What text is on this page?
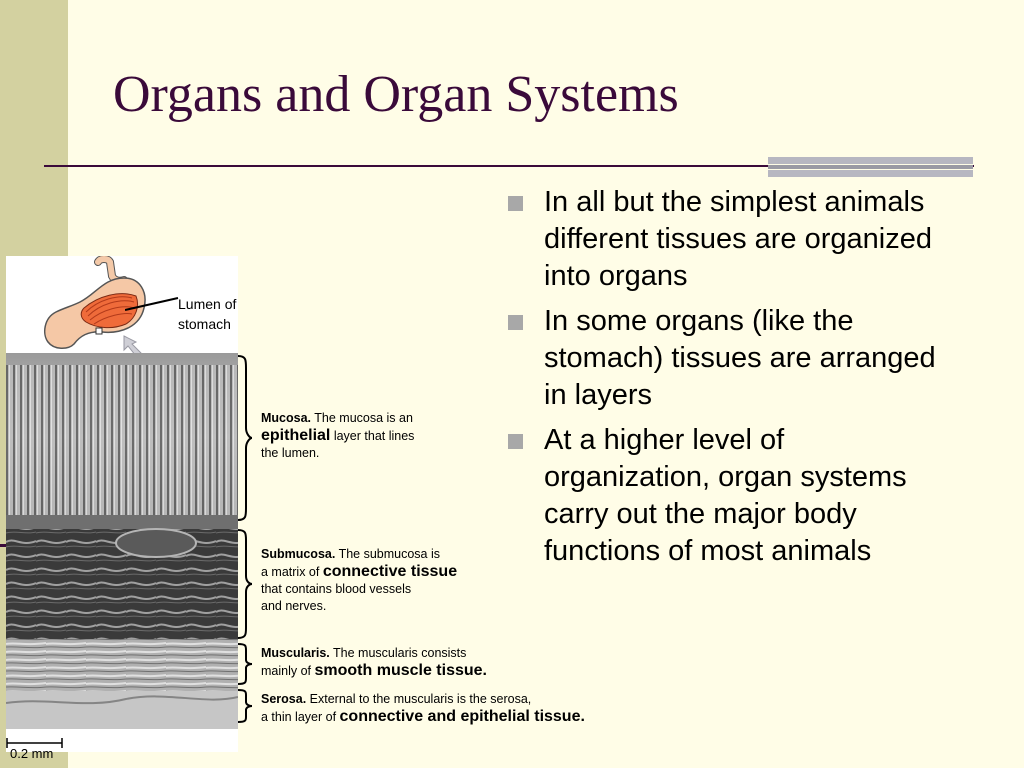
Organs and Organ Systems
In all but the simplest animals different tissues are organized into organs
In some organs (like the stomach) tissues are arranged in layers
At a higher level of organization, organ systems carry out the major body functions of most animals
Lumen of
stomach
Mucosa. The mucosa is an
epithelial layer that lines
the lumen.
Submucosa. The submucosa is
a matrix of connective tissue
that contains blood vessels
and nerves.
Muscularis. The muscularis consists
mainly of smooth muscle tissue.
Serosa. External to the muscularis is the serosa,
a thin layer of connective and epithelial tissue.
0.2 mm
